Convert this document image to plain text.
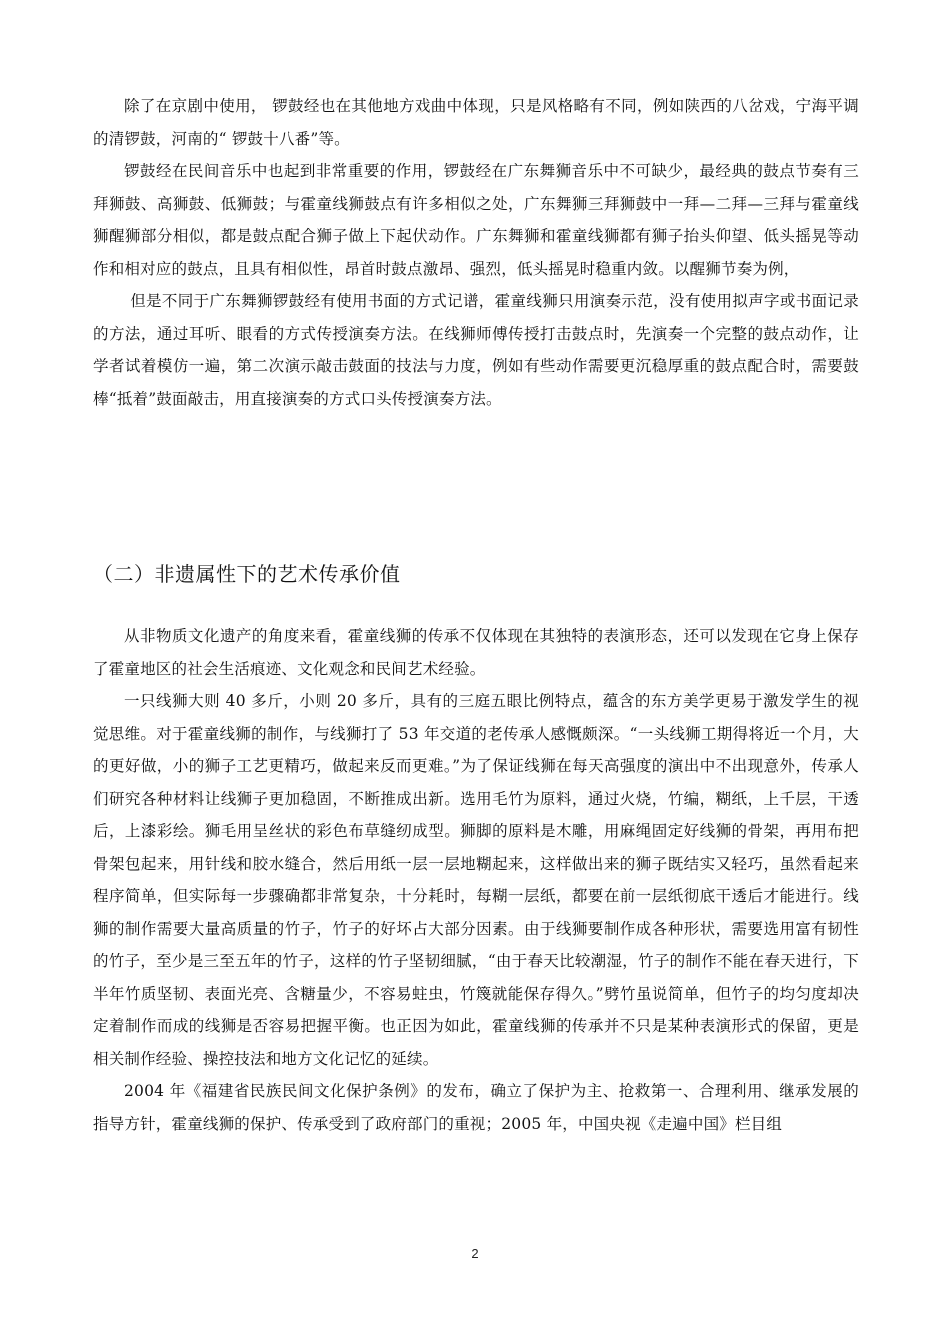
除了在京剧中使用， 锣鼓经也在其他地方戏曲中体现，只是风格略有不同，例如陕西的八岔戏，宁海平调的清锣鼓，河南的“ 锣鼓十八番”等。

锣鼓经在民间音乐中也起到非常重要的作用，锣鼓经在广东舞狮音乐中不可缺少，最经典的鼓点节奏有三拜狮鼓、高狮鼓、低狮鼓；与霍童线狮鼓点有许多相似之处，广东舞狮三拜狮鼓中一拜—二拜—三拜与霍童线狮醒狮部分相似，都是鼓点配合狮子做上下起伏动作。广东舞狮和霍童线狮都有狮子抬头仰望、低头摇晃等动作和相对应的鼓点，且具有相似性，昂首时鼓点激昂、强烈，低头摇晃时稳重内敛。以醒狮节奏为例，

但是不同于广东舞狮锣鼓经有使用书面的方式记谱，霍童线狮只用演奏示范，没有使用拟声字或书面记录的方法，通过耳听、眼看的方式传授演奏方法。在线狮师傅传授打击鼓点时，先演奏一个完整的鼓点动作，让学者试着模仿一遍，第二次演示敲击鼓面的技法与力度，例如有些动作需要更沉稳厚重的鼓点配合时，需要鼓棒“抵着”鼓面敲击，用直接演奏的方式口头传授演奏方法。

（二）非遗属性下的艺术传承价值

从非物质文化遗产的角度来看，霍童线狮的传承不仅体现在其独特的表演形态，还可以发现在它身上保存了霍童地区的社会生活痕迹、文化观念和民间艺术经验。

一只线狮大则 40 多斤，小则 20 多斤，具有的三庭五眼比例特点，蕴含的东方美学更易于激发学生的视觉思维。对于霍童线狮的制作，与线狮打了 53 年交道的老传承人感慨颇深。“一头线狮工期得将近一个月，大的更好做，小的狮子工艺更精巧，做起来反而更难。”为了保证线狮在每天高强度的演出中不出现意外，传承人们研究各种材料让线狮子更加稳固，不断推成出新。选用毛竹为原料，通过火烧，竹编，糊纸，上千层，干透后，上漆彩绘。狮毛用呈丝状的彩色布草缝纫成型。狮脚的原料是木雕，用麻绳固定好线狮的骨架，再用布把骨架包起来，用针线和胶水缝合，然后用纸一层一层地糊起来，这样做出来的狮子既结实又轻巧，虽然看起来程序简单，但实际每一步骤确都非常复杂，十分耗时，每糊一层纸，都要在前一层纸彻底干透后才能进行。线狮的制作需要大量高质量的竹子，竹子的好坏占大部分因素。由于线狮要制作成各种形状，需要选用富有韧性的竹子，至少是三至五年的竹子，这样的竹子坚韧细腻，“由于春天比较潮湿，竹子的制作不能在春天进行，下半年竹质坚韧、表面光亮、含糖量少，不容易蛀虫，竹篾就能保存得久。”劈竹虽说简单，但竹子的均匀度却决定着制作而成的线狮是否容易把握平衡。也正因为如此，霍童线狮的传承并不只是某种表演形式的保留，更是相关制作经验、操控技法和地方文化记忆的延续。

2004 年《福建省民族民间文化保护条例》的发布，确立了保护为主、抢救第一、合理利用、继承发展的指导方针，霍童线狮的保护、传承受到了政府部门的重视；2005 年，中国央视《走遍中国》栏目组

2
